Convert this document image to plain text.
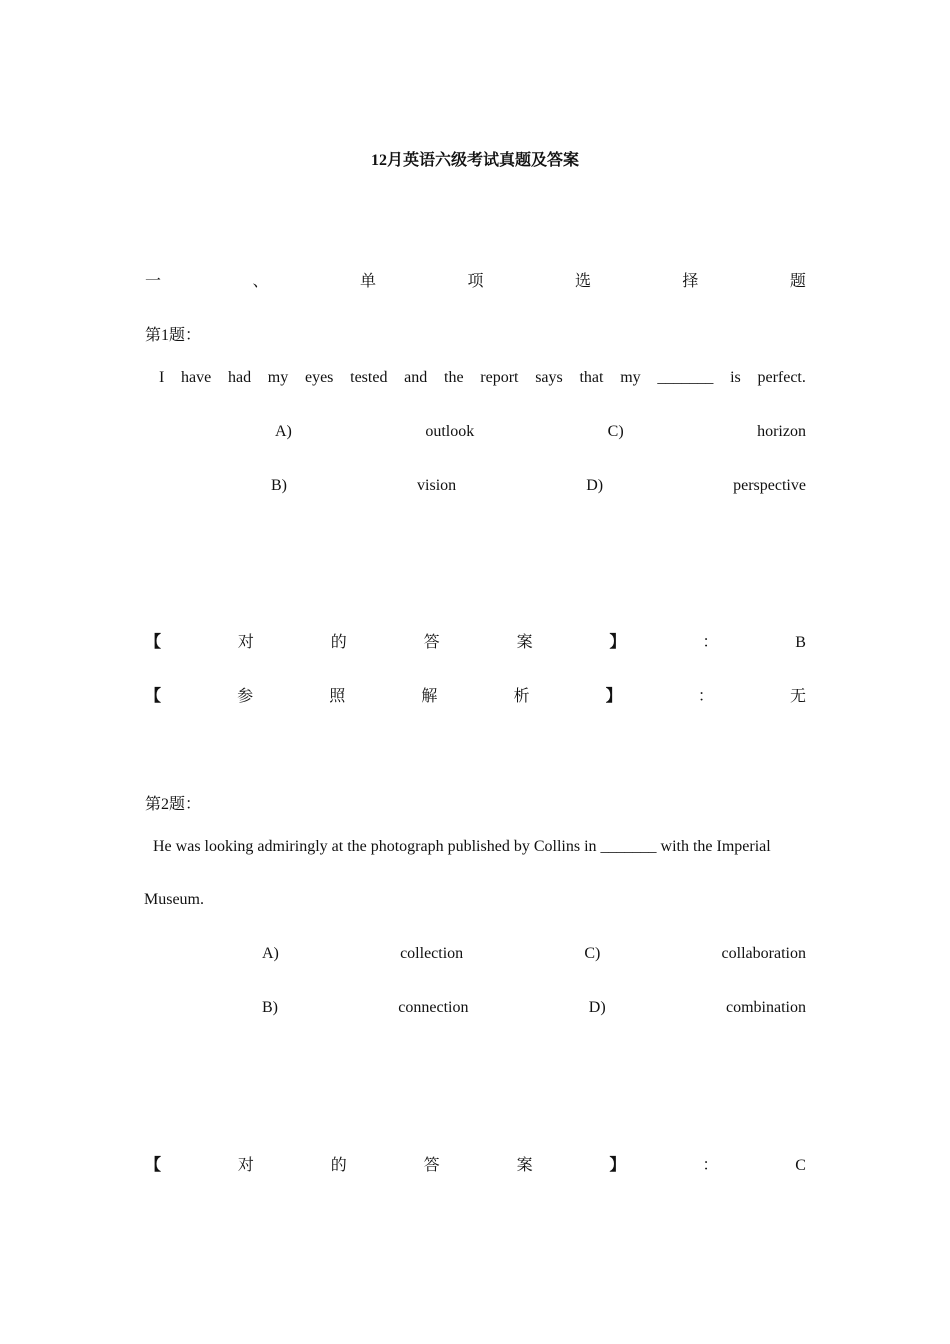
12月英语六级考试真题及答案
一	、	单	项	选	择	题
第1题：
I have had my eyes tested and the report says that my _______ is perfect.
A)	outlook	C)	horizon
B)	vision	D)	perspective
【	对	的	答	案	】	：	B
【	参	照	解	析	】	：	无
第2题：
He was looking admiringly at the photograph published by Collins in _______ with the Imperial
Museum.
A)	collection	C)	collaboration
B)	connection	D)	combination
【	对	的	答	案	】	：	C
